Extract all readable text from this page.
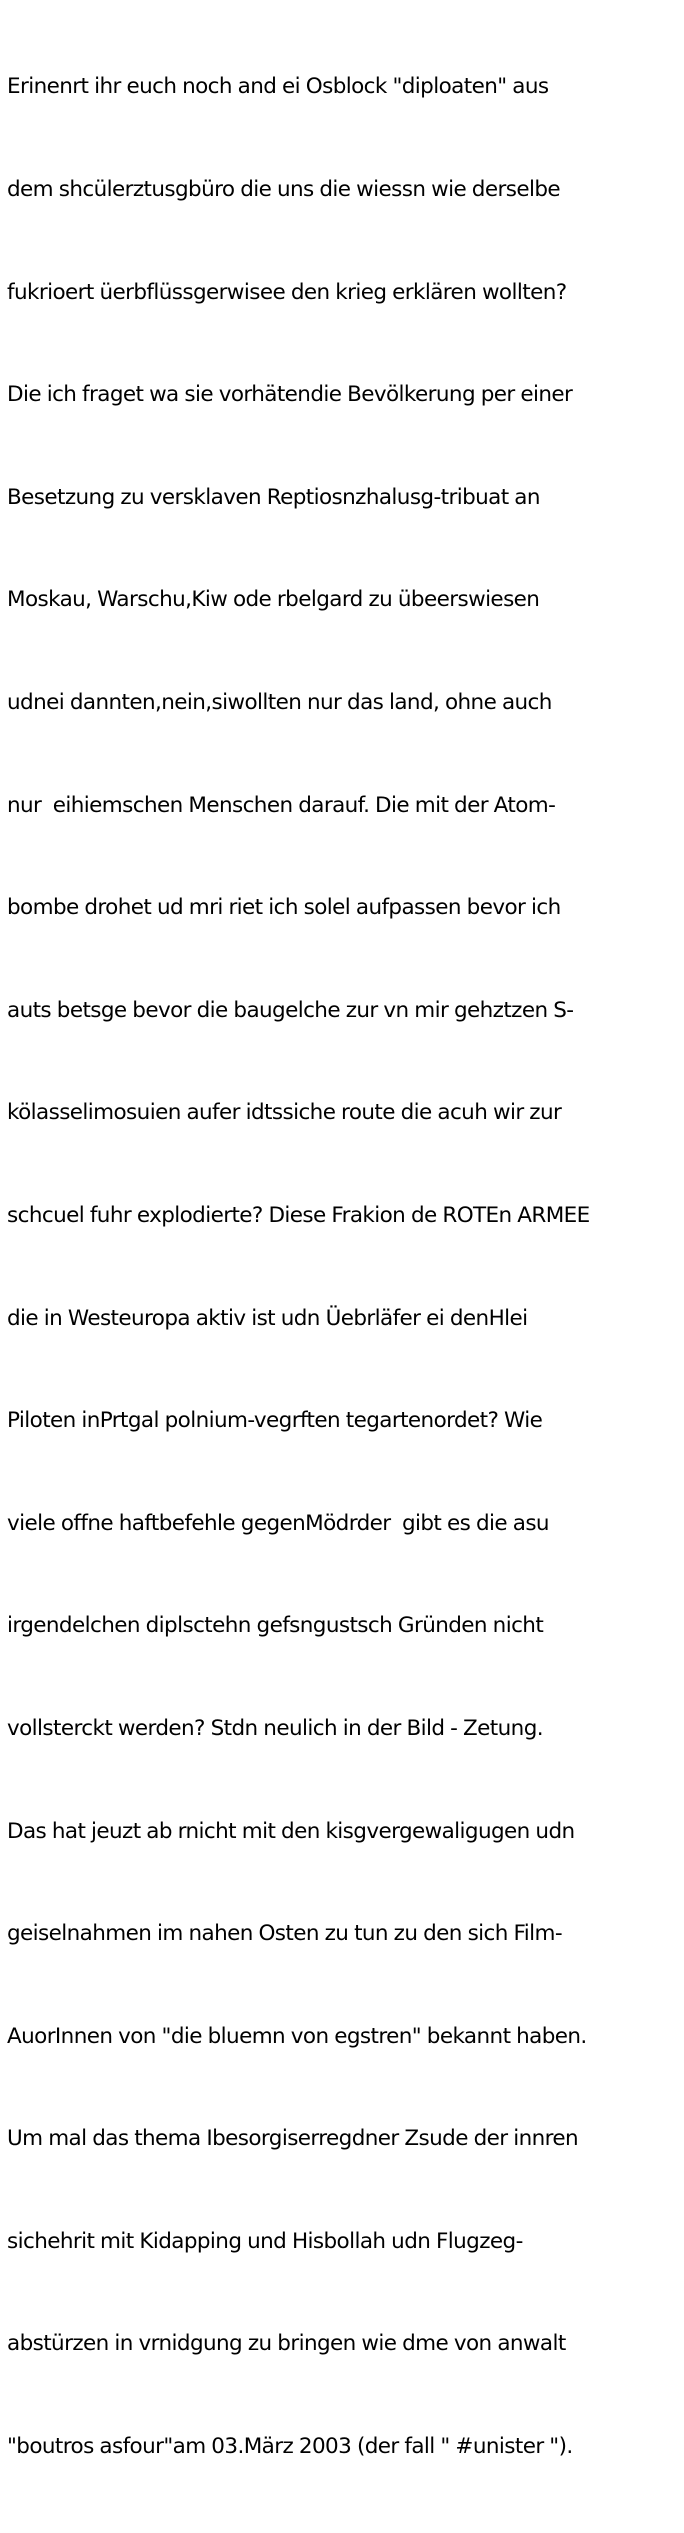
Erinenrt ihr euch noch and ei Osblock "diploaten" aus

dem shcülerztusgbüro die uns die wiessn wie derselbe

fukrioert üerbflüssgerwisee den krieg erklären wollten?

Die ich fraget wa sie vorhätendie Bevölkerung per einer

Besetzung zu versklaven Reptiosnzhalusg-tribuat an

Moskau, Warschu,Kiw ode rbelgard zu übeerswiesen

udnei dannten,nein,siwollten nur das land, ohne auch

nur  eihiemschen Menschen darauf. Die mit der Atom-

bombe drohet ud mri riet ich solel aufpassen bevor ich

auts betsge bevor die baugelche zur vn mir gehztzen S-

kölasselimosuien aufer idtssiche route die acuh wir zur

schcuel fuhr explodierte? Diese Frakion de ROTEn ARMEE

die in Westeuropa aktiv ist udn Üebrläfer ei denHlei

Piloten inPrtgal polnium-vegrften tegartenordet? Wie

viele offne haftbefehle gegenMödrder  gibt es die asu

irgendelchen diplsctehn gefsngustsch Gründen nicht

vollsterckt werden? Stdn neulich in der Bild - Zetung.

Das hat jeuzt ab rnicht mit den kisgvergewaligugen udn

geiselnahmen im nahen Osten zu tun zu den sich Film-

AuorInnen von "die bluemn von egstren" bekannt haben.

Um mal das thema Ibesorgiserregdner Zsude der innren

sichehrit mit Kidapping und Hisbollah udn Flugzeg-

abstürzen in vrnidgung zu bringen wie dme von anwalt

"boutros asfour"am 03.März 2003 (der fall " #unister ").
